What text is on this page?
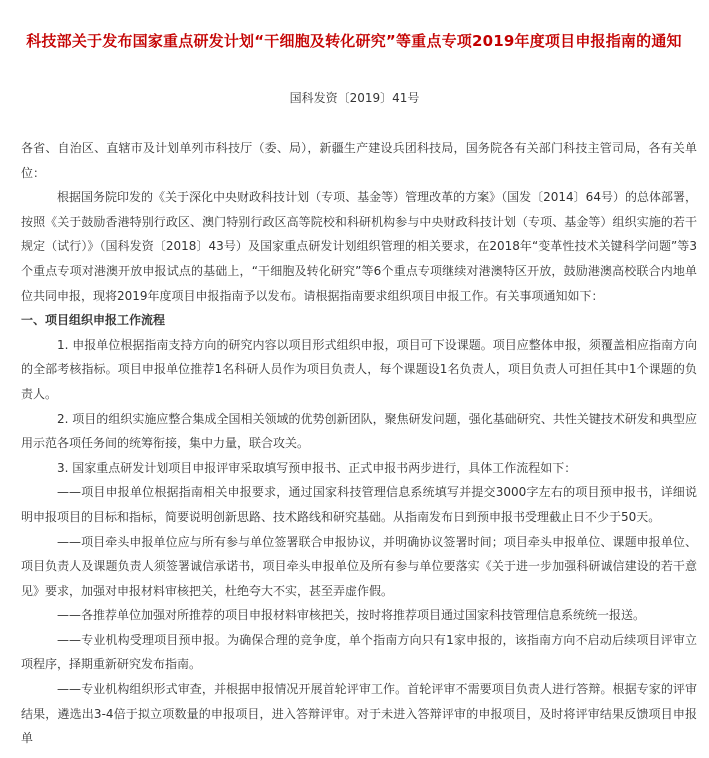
科技部关于发布国家重点研发计划“干细胞及转化研究”等重点专项2019年度项目申报指南的通知
国科发资〔2019〕41号

各省、自治区、直辖市及计划单列市科技厅（委、局），新疆生产建设兵团科技局，国务院各有关部门科技主管司局，各有关单位：

根据国务院印发的《关于深化中央财政科技计划（专项、基金等）管理改革的方案》（国发〔2014〕64号）的总体部署，按照《关于鼓励香港特别行政区、澳门特别行政区高等院校和科研机构参与中央财政科技计划（专项、基金等）组织实施的若干规定（试行）》（国科发资〔2018〕43号）及国家重点研发计划组织管理的相关要求，在2018年“变革性技术关键科学问题”等3个重点专项对港澳开放申报试点的基础上，“干细胞及转化研究”等6个重点专项继续对港澳特区开放，鼓励港澳高校联合内地单位共同申报，现将2019年度项目申报指南予以发布。请根据指南要求组织项目申报工作。有关事项通知如下：

一、项目组织申报工作流程

1. 申报单位根据指南支持方向的研究内容以项目形式组织申报，项目可下设课题。项目应整体申报，须覆盖相应指南方向的全部考核指标。项目申报单位推荐1名科研人员作为项目负责人，每个课题设1名负责人，项目负责人可担任其中1个课题的负责人。

2. 项目的组织实施应整合集成全国相关领域的优势创新团队，聚焦研发问题，强化基础研究、共性关键技术研发和典型应用示范各项任务间的统筹衔接，集中力量，联合攻关。

3. 国家重点研发计划项目申报评审采取填写预申报书、正式申报书两步进行，具体工作流程如下：

——项目申报单位根据指南相关申报要求，通过国家科技管理信息系统填写并提交3000字左右的项目预申报书，详细说明申报项目的目标和指标，简要说明创新思路、技术路线和研究基础。从指南发布日到预申报书受理截止日不少于50天。

——项目牵头申报单位应与所有参与单位签署联合申报协议，并明确协议签署时间；项目牵头申报单位、课题申报单位、项目负责人及课题负责人须签署诚信承诺书，项目牵头申报单位及所有参与单位要落实《关于进一步加强科研诚信建设的若干意见》要求，加强对申报材料审核把关，杜绝夸大不实，甚至弄虚作假。

——各推荐单位加强对所推荐的项目申报材料审核把关，按时将推荐项目通过国家科技管理信息系统统一报送。

——专业机构受理项目预申报。为确保合理的竞争度，单个指南方向只有1家申报的，该指南方向不启动后续项目评审立项程序，择期重新研究发布指南。

——专业机构组织形式审查，并根据申报情况开展首轮评审工作。首轮评审不需要项目负责人进行答辩。根据专家的评审结果，遴选出3-4倍于拟立项数量的申报项目，进入答辩评审。对于未进入答辩评审的申报项目，及时将评审结果反馈项目申报单
